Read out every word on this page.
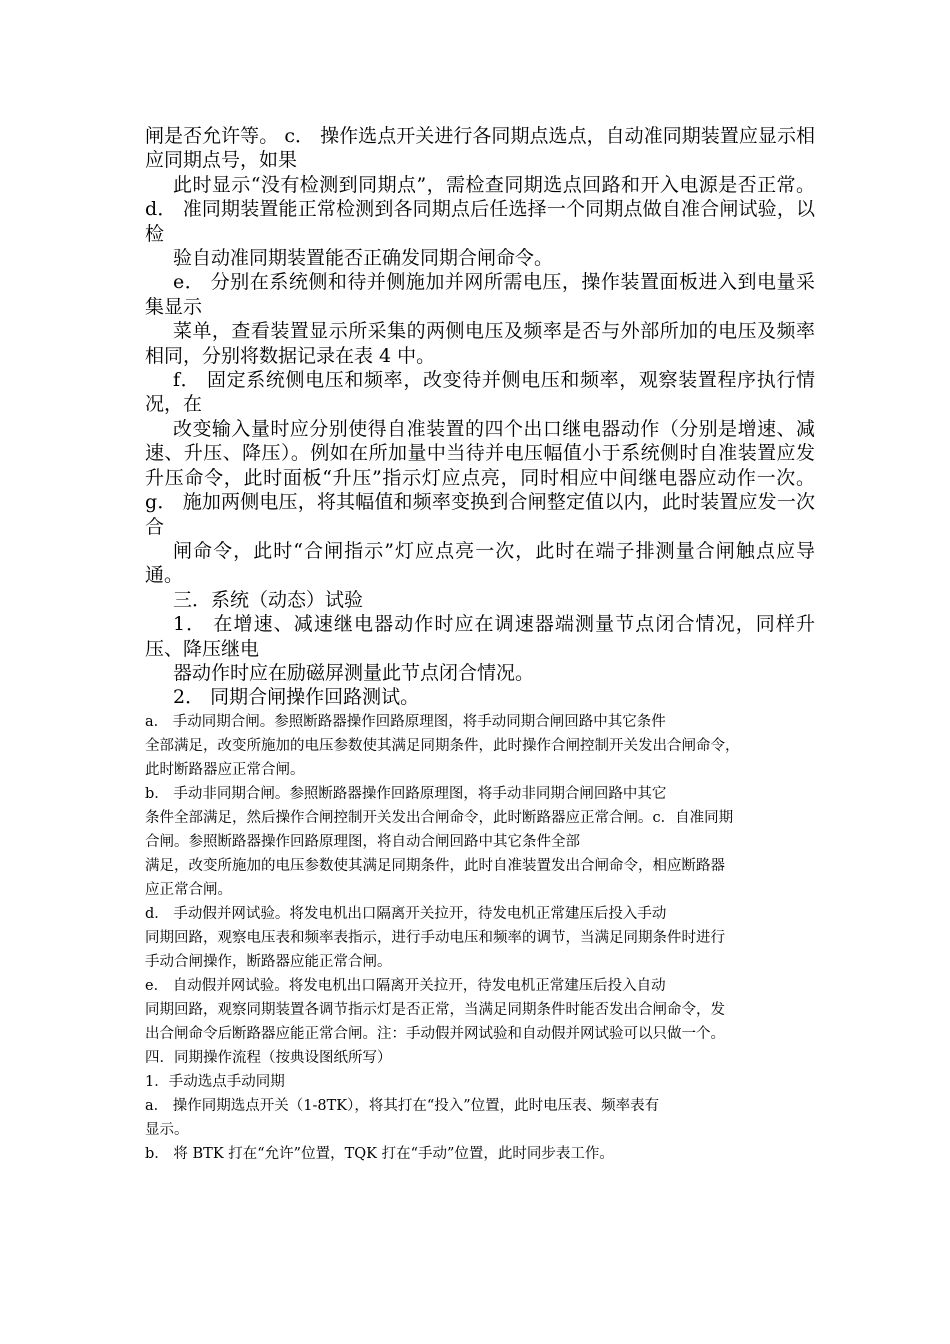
闸是否允许等。 c． 操作选点开关进行各同期点选点，自动准同期装置应显示相应同期点号，如果

此时显示“没有检测到同期点”，需检查同期选点回路和开入电源是否正常。 d． 准同期装置能正常检测到各同期点后任选择一个同期点做自准合闸试验，以检

验自动准同期装置能否正确发同期合闸命令。

e． 分别在系统侧和待并侧施加并网所需电压，操作装置面板进入到电量采集显示

菜单，查看装置显示所采集的两侧电压及频率是否与外部所加的电压及频率相同，分别将数据记录在表 4 中。

f． 固定系统侧电压和频率，改变待并侧电压和频率，观察装置程序执行情况，在

改变输入量时应分别使得自准装置的四个出口继电器动作（分别是增速、减速、升压、降压）。例如在所加量中当待并电压幅值小于系统侧时自准装置应发升压命令，此时面板“升压”指示灯应点亮，同时相应中间继电器应动作一次。 g． 施加两侧电压，将其幅值和频率变换到合闸整定值以内，此时装置应发一次合

闸命令，此时“合闸指示”灯应点亮一次，此时在端子排测量合闸触点应导通。

三．系统（动态）试验

1． 在增速、减速继电器动作时应在调速器端测量节点闭合情况，同样升压、降压继电

器动作时应在励磁屏测量此节点闭合情况。

2． 同期合闸操作回路测试。

a． 手动同期合闸。参照断路器操作回路原理图，将手动同期合闸回路中其它条件

全部满足，改变所施加的电压参数使其满足同期条件，此时操作合闸控制开关发出合闸命令，

此时断路器应正常合闸。

b． 手动非同期合闸。参照断路器操作回路原理图，将手动非同期合闸回路中其它

条件全部满足，然后操作合闸控制开关发出合闸命令，此时断路器应正常合闸。c．自准同期

合闸。参照断路器操作回路原理图，将自动合闸回路中其它条件全部

满足，改变所施加的电压参数使其满足同期条件，此时自准装置发出合闸命令，相应断路器

应正常合闸。

d． 手动假并网试验。将发电机出口隔离开关拉开，待发电机正常建压后投入手动

同期回路，观察电压表和频率表指示，进行手动电压和频率的调节，当满足同期条件时进行

手动合闸操作，断路器应能正常合闸。

e． 自动假并网试验。将发电机出口隔离开关拉开，待发电机正常建压后投入自动

同期回路，观察同期装置各调节指示灯是否正常，当满足同期条件时能否发出合闸命令，发

出合闸命令后断路器应能正常合闸。注：手动假并网试验和自动假并网试验可以只做一个。

四．同期操作流程（按典设图纸所写）

1．手动选点手动同期

a． 操作同期选点开关（1-8TK），将其打在“投入”位置，此时电压表、频率表有

显示。

b． 将 BTK 打在“允许”位置，TQK 打在“手动”位置，此时同步表工作。
